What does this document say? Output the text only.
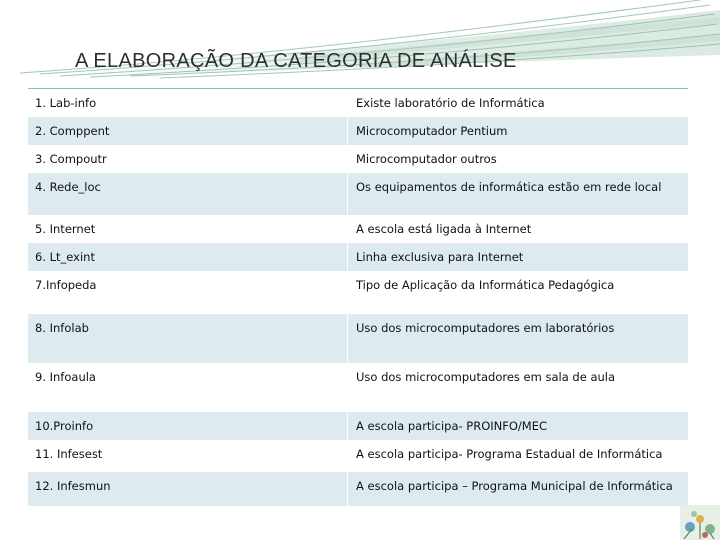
A ELABORAÇÃO DA CATEGORIA DE ANÁLISE
1. Lab-info	Existe laboratório de Informática
2. Comppent	Microcomputador Pentium
3. Compoutr	Microcomputador outros
4. Rede_loc	Os equipamentos de informática estão em rede local
5. Internet	A escola está ligada à Internet
6. Lt_exint	Linha exclusiva para Internet
7.Infopeda	Tipo de Aplicação da Informática Pedagógica
8. Infolab	Uso dos microcomputadores em laboratórios
9. Infoaula	Uso dos microcomputadores em sala de aula
10.Proinfo	A escola participa- PROINFO/MEC
11. Infesest	A escola participa- Programa Estadual de Informática
12. Infesmun	A escola participa – Programa Municipal de Informática
